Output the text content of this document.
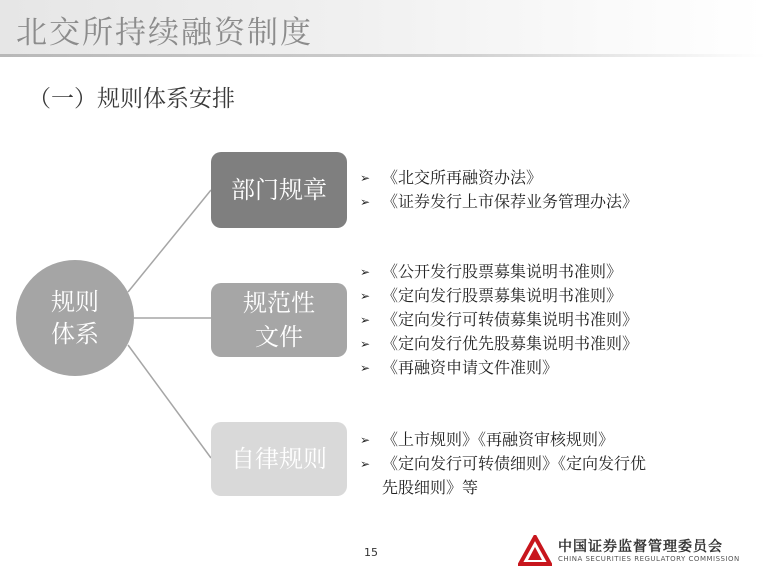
北交所持续融资制度
（一）规则体系安排
规则
体系
部门规章
规范性
文件
自律规则
➢ 《北交所再融资办法》
➢ 《证券发行上市保荐业务管理办法》
➢ 《公开发行股票募集说明书准则》
➢ 《定向发行股票募集说明书准则》
➢ 《定向发行可转债募集说明书准则》
➢ 《定向发行优先股募集说明书准则》
➢ 《再融资申请文件准则》
➢ 《上市规则》《再融资审核规则》
➢ 《定向发行可转债细则》《定向发行优
先股细则》等
15	中国证券监督管理委员会
CHINA SECURITIES REGULATORY COMMISSION
